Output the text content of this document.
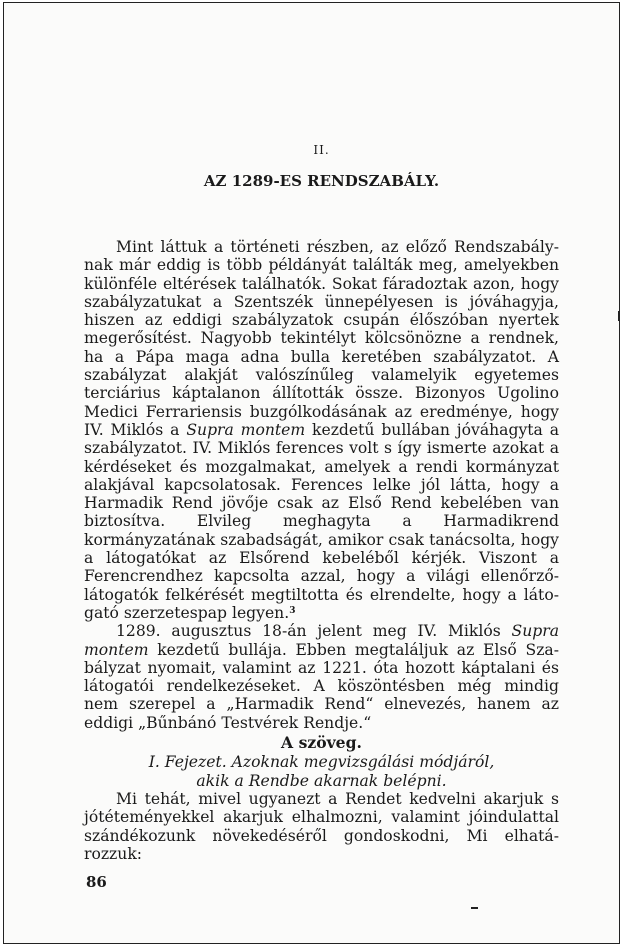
II.

AZ 1289-ES RENDSZABÁLY.

Mint láttuk a történeti részben, az előző Rendszabálynak már eddig is több példányát találták meg, amelyekben különféle eltérések találhatók. Sokat fáradoztak azon, hogy szabályzatukat a Szentszék ünnepélyesen is jóváhagyja, hiszen az eddigi szabályzatok csupán élőszóban nyertek megerősítést. Nagyobb tekintélyt kölcsönözne a rendnek, ha a Pápa maga adna bulla keretében szabályzatot. A szabályzat alakját valószínűleg valamelyik egyetemes terciárius káptalanon állították össze. Bizonyos Ugolino Medici Ferrariensis buzgólkodásának az eredménye, hogy IV. Miklós a Supra montem kezdetű bullában jóváhagyta a szabályzatot. IV. Miklós ferences volt s így ismerte azokat a kérdéseket és mozgalmakat, amelyek a rendi kormányzat alakjával kapcsolatosak. Ferences lelke jól látta, hogy a Harmadik Rend jövője csak az Első Rend kebelében van biztosítva. Elvileg meghagyta a Harmadikrend kormányzatának szabadságát, amikor csak tanácsolta, hogy a látogatókat az Elsőrend kebeléből kérjék. Viszont a Ferencrendhez kapcsolta azzal, hogy a világi ellenőrzőlátogatók felkérését megtiltotta és elrendelte, hogy a látogató szerzetespap legyen.$^3$

1289. augusztus 18-án jelent meg IV. Miklós Supra montem kezdetű bullája. Ebben megtaláljuk az Első Szabályzat nyomait, valamint az 1221. óta hozott káptalani és látogatói rendelkezéseket. A köszöntésben még mindig nem szerepel a „Harmadik Rend“ elnevezés, hanem az eddigi „Bűnbánó Testvérek Rendje.“

A szöveg.

I. Fejezet. Azoknak megvizsgálási módjáról,

akik a Rendbe akarnak belépni.

Mi tehát, mivel ugyanezt a Rendet kedvelni akarjuk s jótéteményekkel akarjuk elhalmozni, valamint jóindulattal szándékozunk növekedéséről gondoskodni, Mi elhatározzuk:

86
